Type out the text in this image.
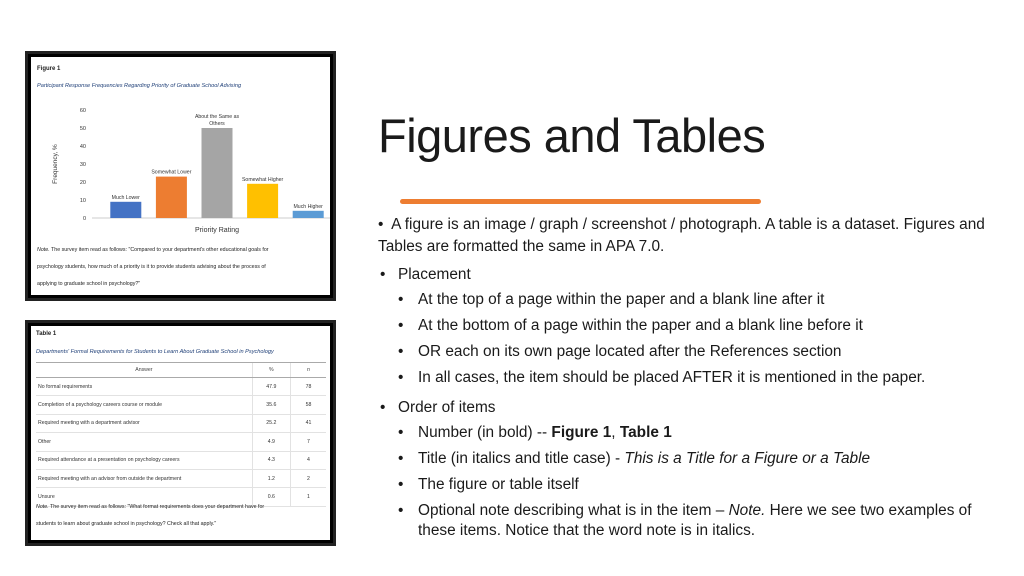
Figure 1
Participant Response Frequencies Regarding Priority of Graduate School Advising
0
10
20
30
40
50
60
Frequency, %
Much Lower
Somewhat Lower
About the Same as
Others
Somewhat Higher
Much Higher
Priority Rating
Note. The survey item read as follows: "Compared to your department's other educational goals for
psychology students, how much of a priority is it to provide students advising about the process of
applying to graduate school in psychology?"
Table 1
Departments' Formal Requirements for Students to Learn About Graduate School in Psychology
Answer	%	n
No formal requirements	47.9	78
Completion of a psychology careers course or module	35.6	58
Required meeting with a department advisor	25.2	41
Other	4.9	7
Required attendance at a presentation on psychology careers	4.3	4
Required meeting with an advisor from outside the department	1.2	2
Unsure	0.6	1
Note. The survey item read as follows: "What format requirements does your department have for
students to learn about graduate school in psychology? Check all that apply."
Figures and Tables
•  A figure is an image / graph / screenshot / photograph. A table is a dataset. Figures and Tables are formatted the same in APA 7.0.
• Placement
• At the top of a page within the paper and a blank line after it
• At the bottom of a page within the paper and a blank line before it
• OR each on its own page located after the References section
• In all cases, the item should be placed AFTER it is mentioned in the paper.
• Order of items
• Number (in bold) -- Figure 1, Table 1
• Title (in italics and title case) - This is a Title for a Figure or a Table
• The figure or table itself
• Optional note describing what is in the item – Note. Here we see two examples of these items. Notice that the word note is in italics.
